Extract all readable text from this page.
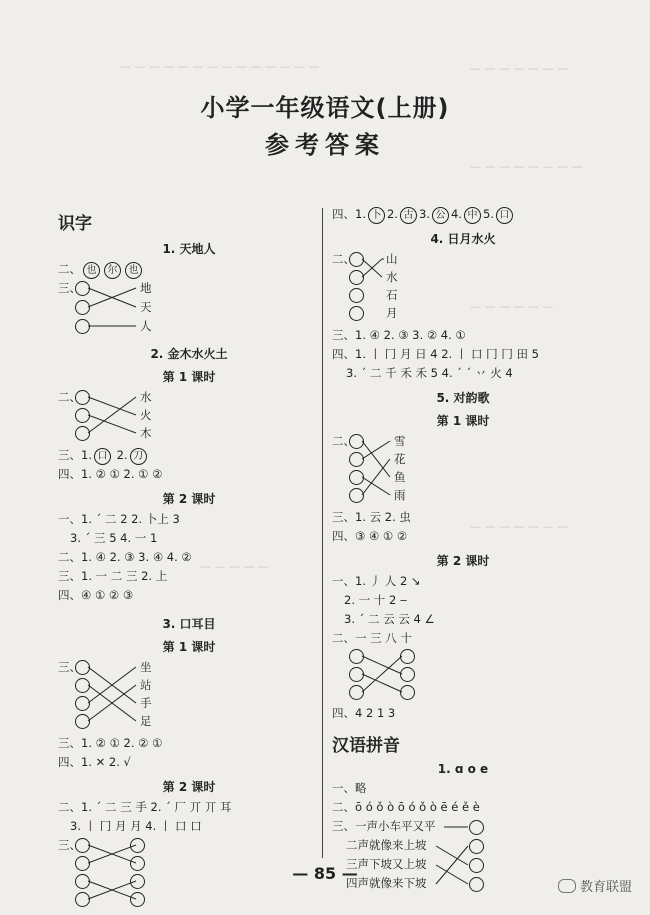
— — — — — — — — — — — — — —	— — — — — — —
— — — — — — — —
— — — — — —
— — — — — — —
— — — — —
小学一年级语文(上册)
参考答案
识字
1. 天地人
二、 也 尔 也
三、	地
天
人
2. 金木水火土
第 1 课时
二、	水
火
木
三、1. 口 2. 刀
四、1. ② ① 2. ① ②
第 2 课时
一、1. ˊ 二 2 2. 卜上 3
3. ˊ 三 5 4. 一 1
二、1. ④ 2. ③ 3. ④ 4. ②
三、1. 一 二 三 2. 上
四、④ ① ② ③
3. 口耳目
第 1 课时
三、	坐
站
手
足
三、1. ② ① 2. ② ①
四、1. ✕ 2. √
第 2 课时
二、1. ˊ 二 三 手 2. ˊ 厂 丌 丌 耳
3. 丨 冂 月 月 4. 丨 口 口
三、
四、1. 卜 2. 古 3. 公 4. 中 5. 口
4. 日月水火
二、	山
水
石
月
三、1. ④ 2. ③ 3. ② 4. ①
四、1. 丨 冂 月 日 4 2. 丨 口 冂 冂 田 5
3. ˊ 二 千 禾 禾 5 4. ˊ ˊ 丷 火 4
5. 对韵歌
第 1 课时
二、	雪
花
鱼
雨
三、1. 云 2. 虫
四、③ ④ ① ②
第 2 课时
一、1. 丿 人 2 ↘
2. 一 十 2 ‒
3. ˊ 二 云 云 4 ∠
二、一 三 八 十
四、4 2 1 3
汉语拼音
1. ɑ o e
一、略
二、ō ó ǒ ò ō ó ǒ ò ē é ě è
三、一声小车平又平
二声就像来上坡
三声下坡又上坡
四声就像来下坡
— 85 —
教育联盟
